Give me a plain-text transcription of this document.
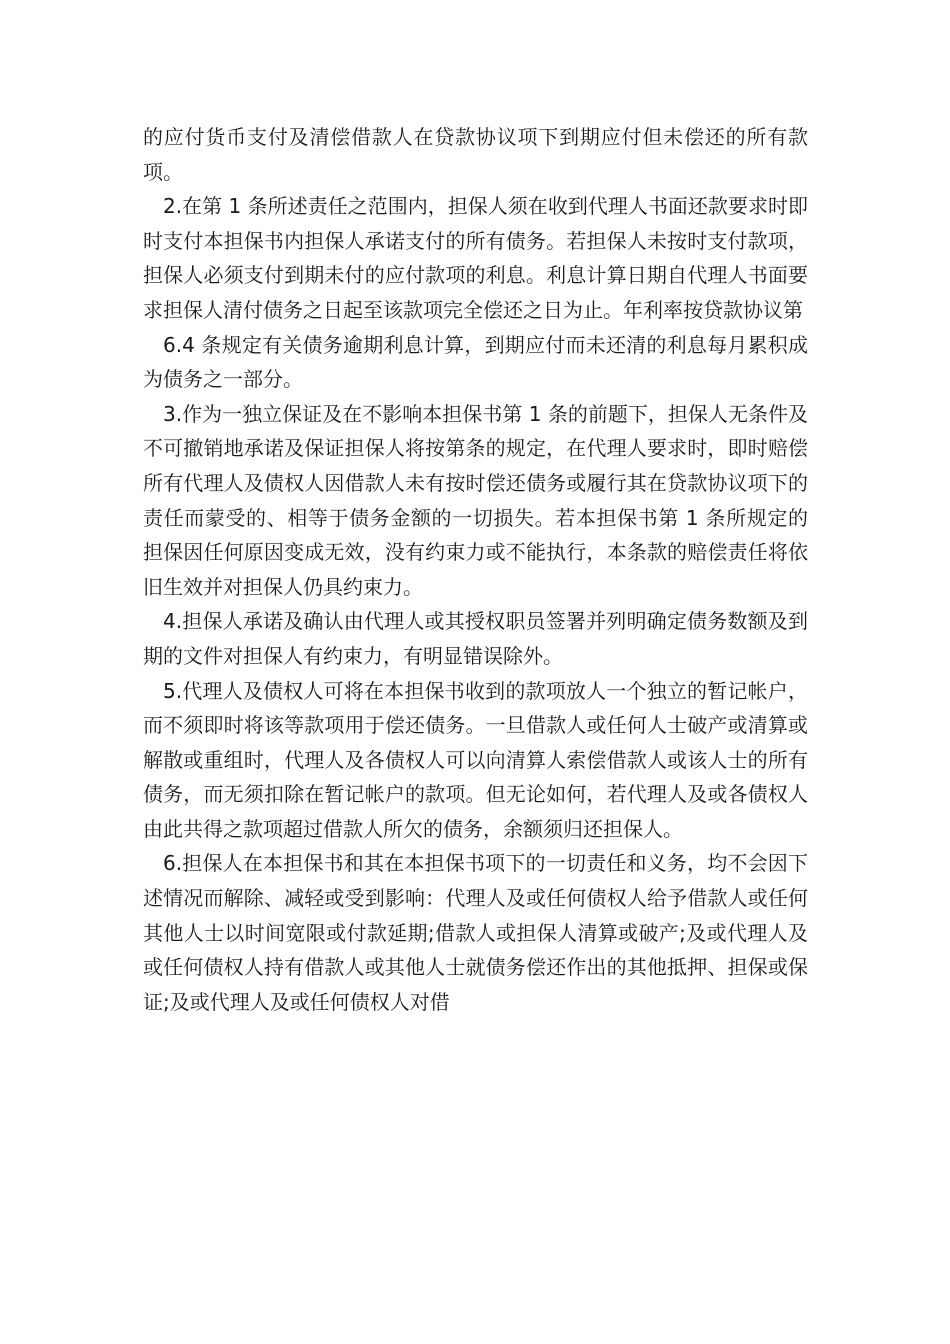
的应付货币支付及清偿借款人在贷款协议项下到期应付但未偿还的所有款项。

2.在第 1 条所述责任之范围内，担保人须在收到代理人书面还款要求时即时支付本担保书内担保人承诺支付的所有债务。若担保人未按时支付款项，担保人必须支付到期未付的应付款项的利息。利息计算日期自代理人书面要求担保人清付债务之日起至该款项完全偿还之日为止。年利率按贷款协议第

6.4 条规定有关债务逾期利息计算，到期应付而未还清的利息每月累积成为债务之一部分。

3.作为一独立保证及在不影响本担保书第 1 条的前题下，担保人无条件及不可撤销地承诺及保证担保人将按第条的规定，在代理人要求时，即时赔偿所有代理人及债权人因借款人未有按时偿还债务或履行其在贷款协议项下的责任而蒙受的、相等于债务金额的一切损失。若本担保书第 1 条所规定的担保因任何原因变成无效，没有约束力或不能执行，本条款的赔偿责任将依旧生效并对担保人仍具约束力。

4.担保人承诺及确认由代理人或其授权职员签署并列明确定债务数额及到期的文件对担保人有约束力，有明显错误除外。

5.代理人及债权人可将在本担保书收到的款项放人一个独立的暂记帐户，而不须即时将该等款项用于偿还债务。一旦借款人或任何人士破产或清算或解散或重组时，代理人及各债权人可以向清算人索偿借款人或该人士的所有债务，而无须扣除在暂记帐户的款项。但无论如何，若代理人及或各债权人由此共得之款项超过借款人所欠的债务，余额须归还担保人。

6.担保人在本担保书和其在本担保书项下的一切责任和义务，均不会因下述情况而解除、减轻或受到影响：代理人及或任何债权人给予借款人或任何其他人士以时间宽限或付款延期;借款人或担保人清算或破产;及或代理人及或任何债权人持有借款人或其他人士就债务偿还作出的其他抵押、担保或保证;及或代理人及或任何债权人对借
